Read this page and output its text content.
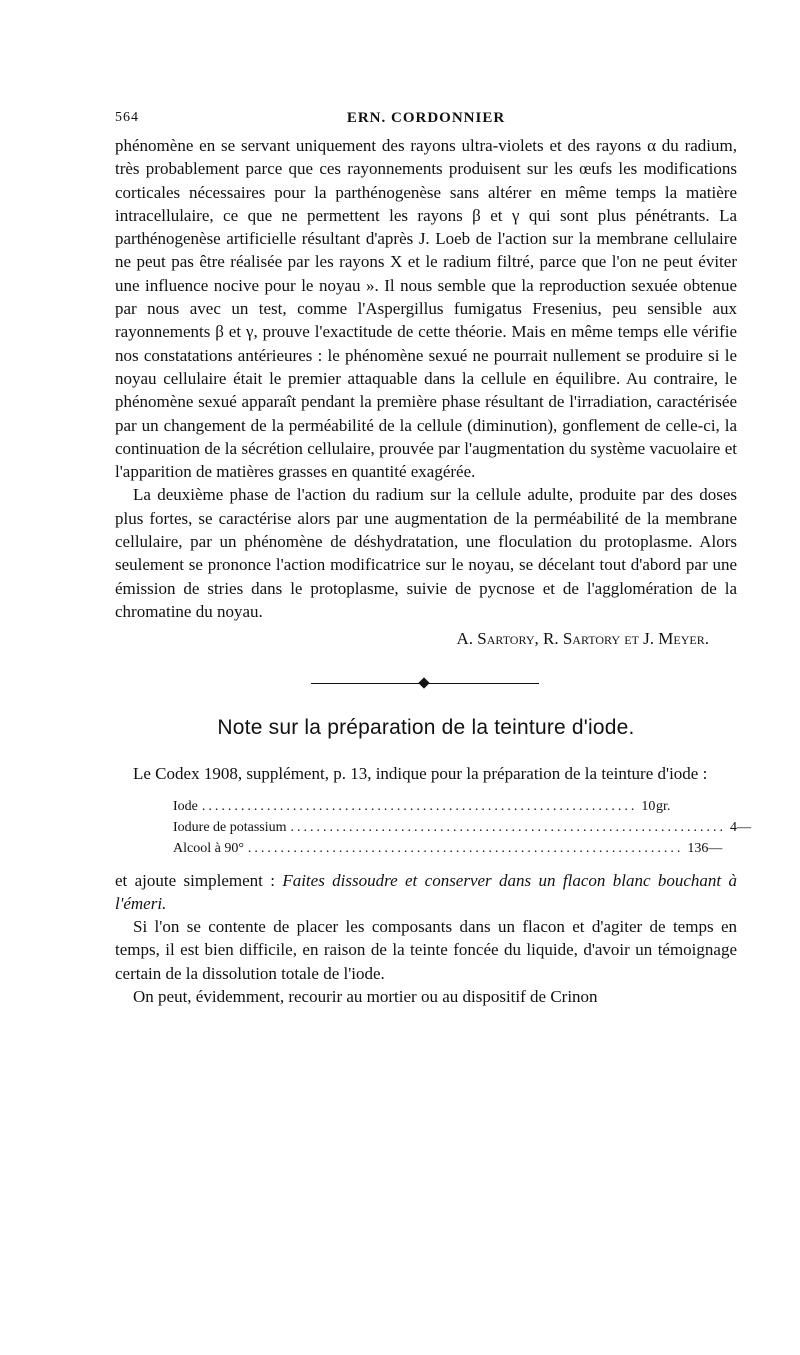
564	ERN. CORDONNIER

phénomène en se servant uniquement des rayons ultra-violets et des rayons α du radium, très probablement parce que ces rayonnements produisent sur les œufs les modifications corticales nécessaires pour la parthénogenèse sans altérer en même temps la matière intracellulaire, ce que ne permettent les rayons β et γ qui sont plus pénétrants. La parthénogenèse artificielle résultant d'après J. Loeb de l'action sur la membrane cellulaire ne peut pas être réalisée par les rayons X et le radium filtré, parce que l'on ne peut éviter une influence nocive pour le noyau ». Il nous semble que la reproduction sexuée obtenue par nous avec un test, comme l'Aspergillus fumigatus Fresenius, peu sensible aux rayonnements β et γ, prouve l'exactitude de cette théorie. Mais en même temps elle vérifie nos constatations antérieures : le phénomène sexué ne pourrait nullement se produire si le noyau cellulaire était le premier attaquable dans la cellule en équilibre. Au contraire, le phénomène sexué apparaît pendant la première phase résultant de l'irradiation, caractérisée par un changement de la perméabilité de la cellule (diminution), gonflement de celle-ci, la continuation de la sécrétion cellulaire, prouvée par l'augmentation du système vacuolaire et l'apparition de matières grasses en quantité exagérée.

La deuxième phase de l'action du radium sur la cellule adulte, produite par des doses plus fortes, se caractérise alors par une augmentation de la perméabilité de la membrane cellulaire, par un phénomène de déshydratation, une floculation du protoplasme. Alors seulement se prononce l'action modificatrice sur le noyau, se décelant tout d'abord par une émission de stries dans le protoplasme, suivie de pycnose et de l'agglomération de la chromatine du noyau.

A. Sartory, R. Sartory et J. Meyer.
Note sur la préparation de la teinture d'iode.

Le Codex 1908, supplément, p. 13, indique pour la préparation de la teinture d'iode :

Iode ................................................................... 10 gr.
Iodure de potassium ................................................................... 4 —
Alcool à 90° ................................................................... 136 —

et ajoute simplement : Faites dissoudre et conserver dans un flacon blanc bouchant à l'émeri.

Si l'on se contente de placer les composants dans un flacon et d'agiter de temps en temps, il est bien difficile, en raison de la teinte foncée du liquide, d'avoir un témoignage certain de la dissolution totale de l'iode.

On peut, évidemment, recourir au mortier ou au dispositif de Crinon
